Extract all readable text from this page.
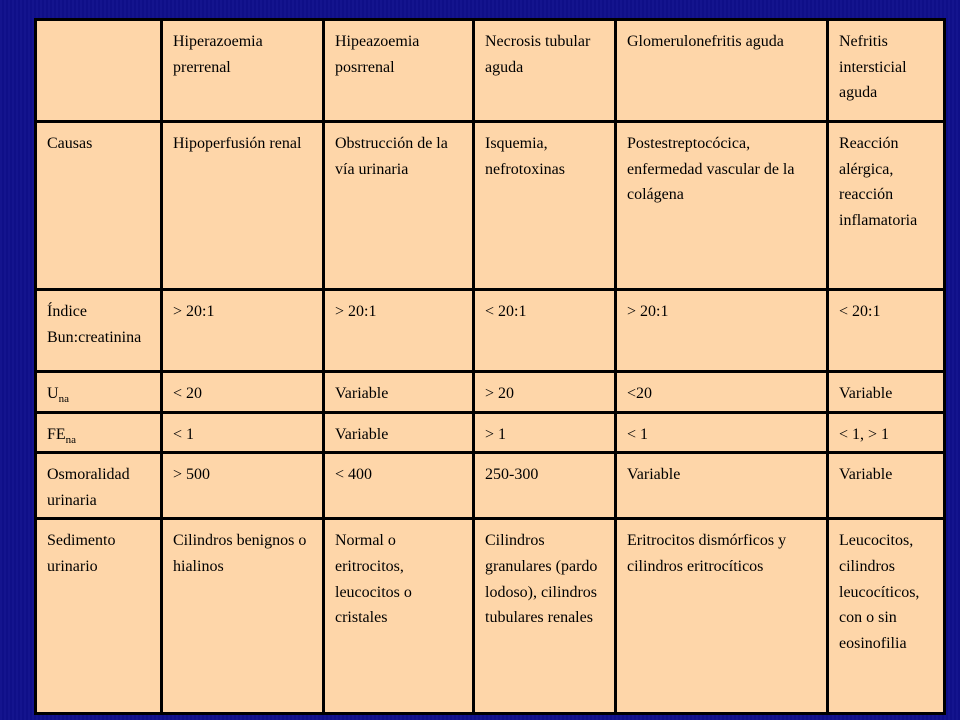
	Hiperazoemia prerrenal	Hipeazoemia posrrenal	Necrosis tubular aguda	Glomerulonefritis aguda	Nefritis intersticial aguda
Causas	Hipoperfusión renal	Obstrucción de la vía urinaria	Isquemia, nefrotoxinas	Postestreptocócica, enfermedad vascular de la colágena	Reacción alérgica, reacción inflamatoria
Índice Bun:creatinina	> 20:1	> 20:1	< 20:1	> 20:1	< 20:1
$U_{na}$	< 20	Variable	> 20	<20	Variable
$FE_{na}$	< 1	Variable	> 1	< 1	< 1, > 1
Osmoralidad urinaria	> 500	< 400	250-300	Variable	Variable
Sedimento urinario	Cilindros benignos o hialinos	Normal o eritrocitos, leucocitos o cristales	Cilindros granulares (pardo lodoso), cilindros tubulares renales	Eritrocitos dismórficos y cilindros eritrocíticos	Leucocitos, cilindros leucocíticos, con o sin eosinofilia
